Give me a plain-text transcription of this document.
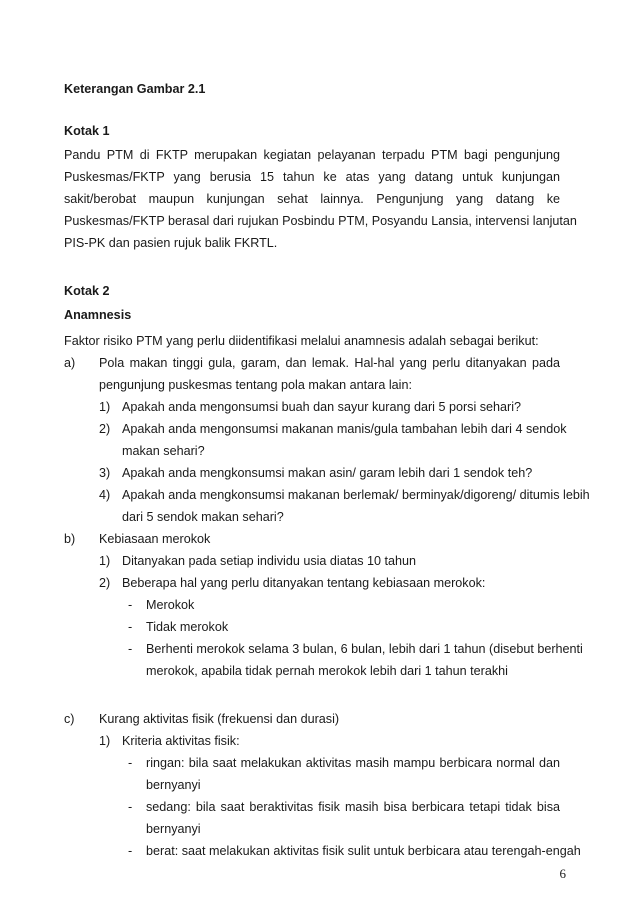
Keterangan Gambar 2.1
Kotak 1
Pandu PTM di FKTP merupakan kegiatan pelayanan terpadu PTM bagi pengunjung
Puskesmas/FKTP yang berusia 15 tahun ke atas yang datang untuk kunjungan
sakit/berobat maupun kunjungan sehat lainnya. Pengunjung yang datang ke
Puskesmas/FKTP berasal dari rujukan Posbindu PTM, Posyandu Lansia, intervensi lanjutan
PIS-PK dan pasien rujuk balik FKRTL.
Kotak 2
Anamnesis
Faktor risiko PTM yang perlu diidentifikasi melalui anamnesis adalah sebagai berikut:
a) Pola makan tinggi gula, garam, dan lemak. Hal-hal yang perlu ditanyakan pada
pengunjung puskesmas tentang pola makan antara lain:
1) Apakah anda mengonsumsi buah dan sayur kurang dari 5 porsi sehari?
2) Apakah anda mengonsumsi makanan manis/gula tambahan lebih dari 4 sendok
makan sehari?
3) Apakah anda mengkonsumsi makan asin/ garam lebih dari 1 sendok teh?
4) Apakah anda mengkonsumsi makanan berlemak/ berminyak/digoreng/ ditumis lebih
dari 5 sendok makan sehari?
b) Kebiasaan merokok
1) Ditanyakan pada setiap individu usia diatas 10 tahun
2) Beberapa hal yang perlu ditanyakan tentang kebiasaan merokok:
- Merokok
- Tidak merokok
- Berhenti merokok selama 3 bulan, 6 bulan, lebih dari 1 tahun (disebut berhenti
merokok, apabila tidak pernah merokok lebih dari 1 tahun terakhi
c) Kurang aktivitas fisik (frekuensi dan durasi)
1) Kriteria aktivitas fisik:
- ringan: bila saat melakukan aktivitas masih mampu berbicara normal dan
bernyanyi
- sedang: bila saat beraktivitas fisik masih bisa berbicara tetapi tidak bisa
bernyanyi
- berat: saat melakukan aktivitas fisik sulit untuk berbicara atau terengah-engah
6
